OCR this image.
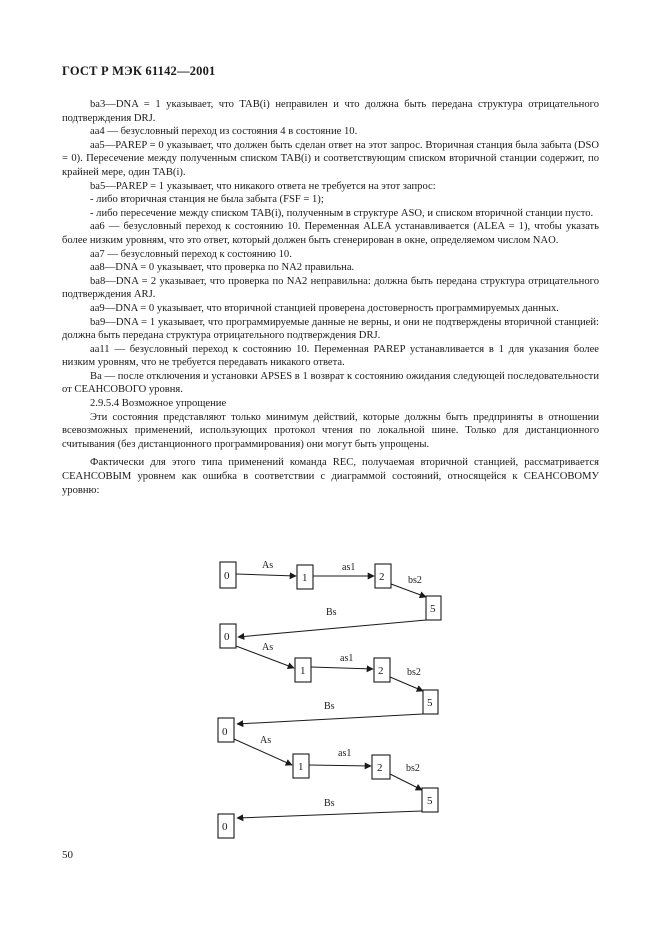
ГОСТ Р МЭК 61142—2001

ba3—DNA = 1 указывает, что TAB(i) неправилен и что должна быть передана структура отрицательного подтверждения DRJ.

aa4 — безусловный переход из состояния 4 в состояние 10.

aa5—PAREP = 0 указывает, что должен быть сделан ответ на этот запрос. Вторичная станция была забыта (DSO = 0). Пересечение между полученным списком TAB(i) и соответствующим списком вторичной станции содержит, по крайней мере, один TAB(i).

ba5—PAREP = 1 указывает, что никакого ответа не требуется на этот запрос:

- либо вторичная станция не была забыта (FSF = 1);

- либо пересечение между списком TAB(i), полученным в структуре ASO, и списком вторичной станции пусто.

aa6 — безусловный переход к состоянию 10. Переменная ALEA устанавливается (ALEA = 1), чтобы указать более низким уровням, что это ответ, который должен быть сгенерирован в окне, определяемом числом NAO.

aa7 — безусловный переход к состоянию 10.

aa8—DNA = 0 указывает, что проверка по NA2 правильна.

ba8—DNA = 2 указывает, что проверка по NA2 неправильна: должна быть передана структура отрицательного подтверждения ARJ.

aa9—DNA = 0 указывает, что вторичной станцией проверена достоверность программируемых данных.

ba9—DNA = 1 указывает, что программируемые данные не верны, и они не подтверждены вторичной станцией: должна быть передана структура отрицательного подтверждения DRJ.

aa11 — безусловный переход к состоянию 10. Переменная PAREP устанавливается в 1 для указания более низким уровням, что не требуется передавать никакого ответа.

Ba — после отключения и установки APSES в 1 возврат к состоянию ожидания следующей последовательности от СЕАНСОВОГО уровня.

2.9.5.4 Возможное упрощение

Эти состояния представляют только минимум действий, которые должны быть предприняты в отношении всевозможных применений, использующих протокол чтения по локальной шине. Только для дистанционного считывания (без дистанционного программирования) они могут быть упрощены.

Фактически для этого типа применений команда REC, получаемая вторичной станцией, рассматривается СЕАНСОВЫМ уровнем как ошибка в соответствии с диаграммой состояний, относящейся к СЕАНСОВОМУ уровню:

0
As
1
as1
2 bs2
5
Bs
0
As
1
as1
2 bs2
5
Bs
0
As
1
as1
2 bs2
5
Bs
0
50
